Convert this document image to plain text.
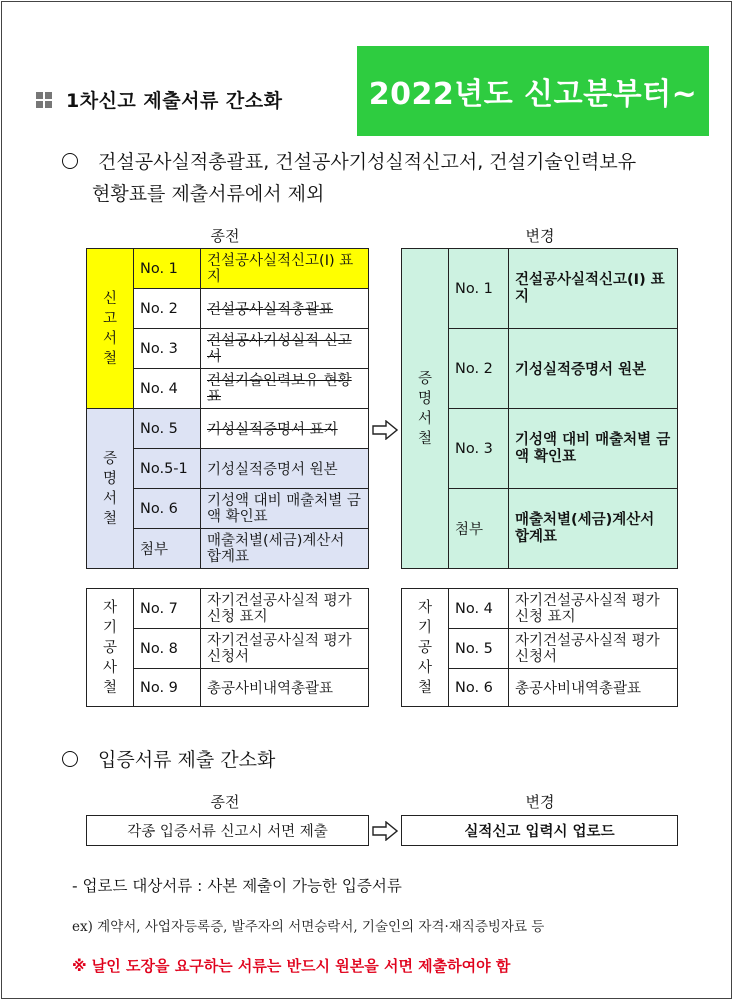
1차신고 제출서류 간소화	2022년도 신고분부터~
건설공사실적총괄표, 건설공사기성실적신고서, 건설기술인력보유
현황표를 제출서류에서 제외
종전	변경
신
고
서
철	No. 1	건설공사실적신고(Ⅰ) 표지
	No. 2	건설공사실적총괄표
	No. 3	건설공사기성실적 신고서
	No. 4	건설기술인력보유 현황표

증
명
서
철	No. 5	기성실적증명서 표지
	No.5-1	기성실적증명서 원본
	No. 6	기성액 대비 매출처별 금액 확인표
	첨부	매출처별(세금)계산서 합계표
증
명
서
철	No. 1	건설공사실적신고(Ⅰ) 표지
	No. 2	기성실적증명서 원본
	No. 3	기성액 대비 매출처별 금액 확인표
	첨부	매출처별(세금)계산서 합계표
자
기
공
사
철	No. 7	자기건설공사실적 평가신청 표지
	No. 8	자기건설공사실적 평가 신청서
	No. 9	총공사비내역총괄표
자
기
공
사
철	No. 4	자기건설공사실적 평가신청 표지
	No. 5	자기건설공사실적 평가 신청서
	No. 6	총공사비내역총괄표
입증서류 제출 간소화
종전	변경
각종 입증서류 신고시 서면 제출	실적신고 입력시 업로드
- 업로드 대상서류 : 사본 제출이 가능한 입증서류
ex) 계약서, 사업자등록증, 발주자의 서면승락서, 기술인의 자격·재직증빙자료 등
※ 날인 도장을 요구하는 서류는 반드시 원본을 서면 제출하여야 함
